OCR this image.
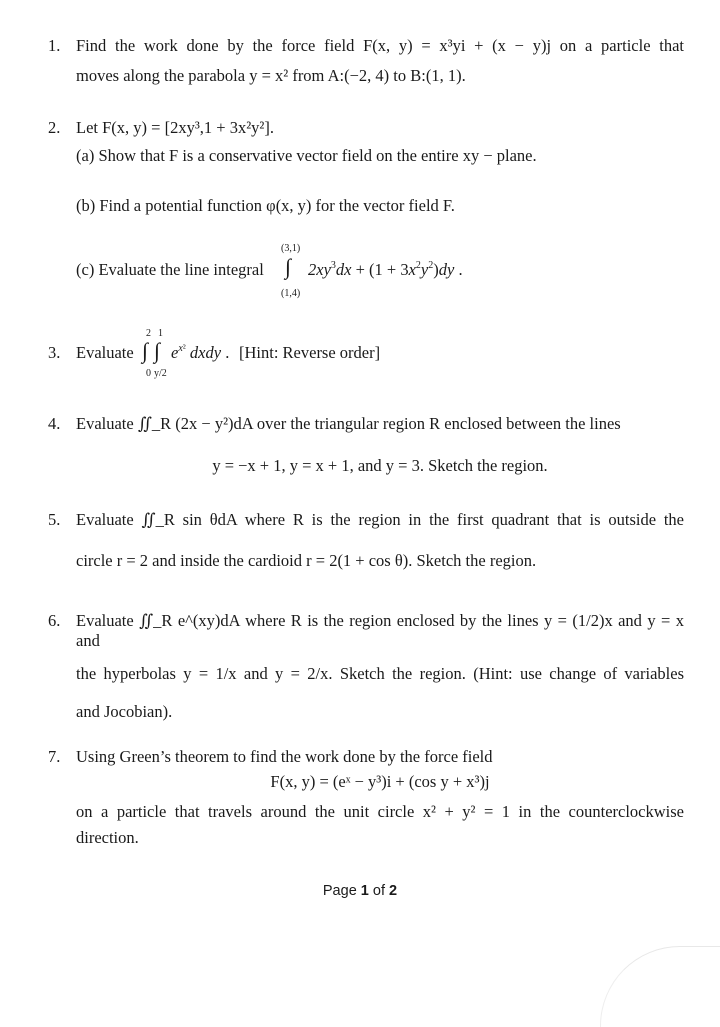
1. Find the work done by the force field F(x, y) = x³yi + (x − y)j on a particle that
moves along the parabola y = x² from A:(−2, 4) to B:(1, 1).
2. Let F(x, y) = [2xy³,1 + 3x²y²].
(a) Show that F is a conservative vector field on the entire xy − plane.
(b) Find a potential function φ(x, y) for the vector field F.
(c) Evaluate the line integral
(3,1)
∫
(1,4)
$2xy^3dx + (1 + 3x^2y^2)dy$ .
3. Evaluate
2
∫
0
1
∫
y/2
$e^{x^2}$ dxdy . [Hint: Reverse order]
4. Evaluate ∬_R (2x − y²)dA over the triangular region R enclosed between the lines
y = −x + 1, y = x + 1, and y = 3. Sketch the region.
5. Evaluate ∬_R sin θdA where R is the region in the first quadrant that is outside the
circle r = 2 and inside the cardioid r = 2(1 + cos θ). Sketch the region.
6. Evaluate ∬_R e^(xy)dA where R is the region enclosed by the lines y = (1/2)x and y = x and
the hyperbolas y = 1/x and y = 2/x. Sketch the region. (Hint: use change of variables
and Jocobian).
7. Using Green’s theorem to find the work done by the force field
F(x, y) = (eˣ − y³)i + (cos y + x³)j
on a particle that travels around the unit circle x² + y² = 1 in the counterclockwise
direction.
Page 1 of 2
